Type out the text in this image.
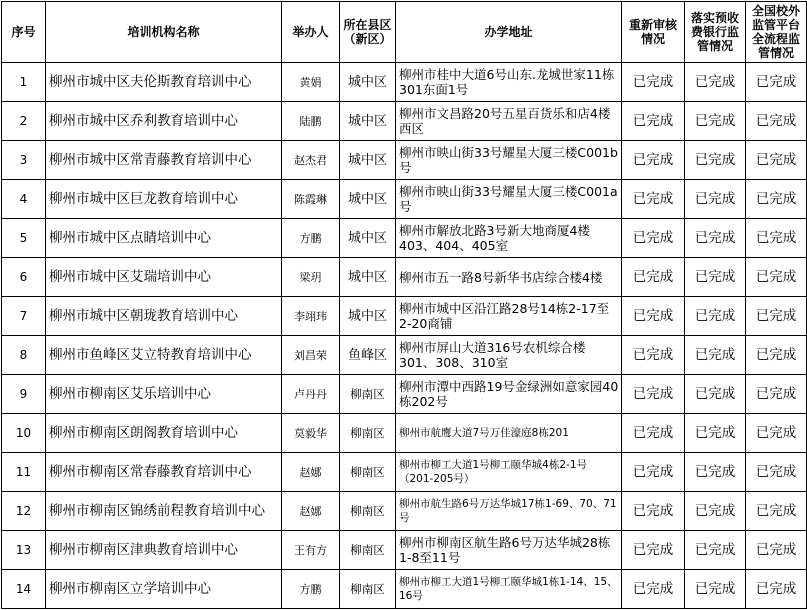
序号	培训机构名称	举办人	所在县区（新区）	办学地址	重新审核情况	落实预收费银行监管情况	全国校外监管平台全流程监管情况
1	柳州市城中区夫伦斯教育培训中心	黄娟	城中区	柳州市桂中大道6号山东.龙城世家11栋301东面1号	已完成	已完成	已完成
2	柳州市城中区乔利教育培训中心	陆鹏	城中区	柳州市文昌路20号五星百货乐和店4楼西区	已完成	已完成	已完成
3	柳州市城中区常青藤教育培训中心	赵杰君	城中区	柳州市映山街33号耀星大厦三楼C001b号	已完成	已完成	已完成
4	柳州市城中区巨龙教育培训中心	陈霞琳	城中区	柳州市映山街33号耀星大厦三楼C001a号	已完成	已完成	已完成
5	柳州市城中区点睛培训中心	方鹏	城中区	柳州市解放北路3号新大地商厦4楼403、404、405室	已完成	已完成	已完成
6	柳州市城中区艾瑞培训中心	梁玥	城中区	柳州市五一路8号新华书店综合楼4楼	已完成	已完成	已完成
7	柳州市城中区朝珑教育培训中心	李翊玮	城中区	柳州市城中区沿江路28号14栋2-17至2-20商铺	已完成	已完成	已完成
8	柳州市鱼峰区艾立特教育培训中心	刘昌荣	鱼峰区	柳州市屏山大道316号农机综合楼301、308、310室	已完成	已完成	已完成
9	柳州市柳南区艾乐培训中心	卢丹丹	柳南区	柳州市潭中西路19号金绿洲如意家园40栋202号	已完成	已完成	已完成
10	柳州市柳南区朗阁教育培训中心	莫毅华	柳南区	柳州市航鹰大道7号万佳濠庭8栋201	已完成	已完成	已完成
11	柳州市柳南区常春藤教育培训中心	赵娜	柳南区	柳州市柳工大道1号柳工颐华城4栋2-1号（201-205号）	已完成	已完成	已完成
12	柳州市柳南区锦绣前程教育培训中心	赵娜	柳南区	柳州市航生路6号万达华城17栋1-69、70、71号	已完成	已完成	已完成
13	柳州市柳南区津典教育培训中心	王有方	柳南区	柳州市柳南区航生路6号万达华城28栋1-8至11号	已完成	已完成	已完成
14	柳州市柳南区立学培训中心	方鹏	柳南区	柳州市柳工大道1号柳工颐华城1栋1-14、15、16号	已完成	已完成	已完成
